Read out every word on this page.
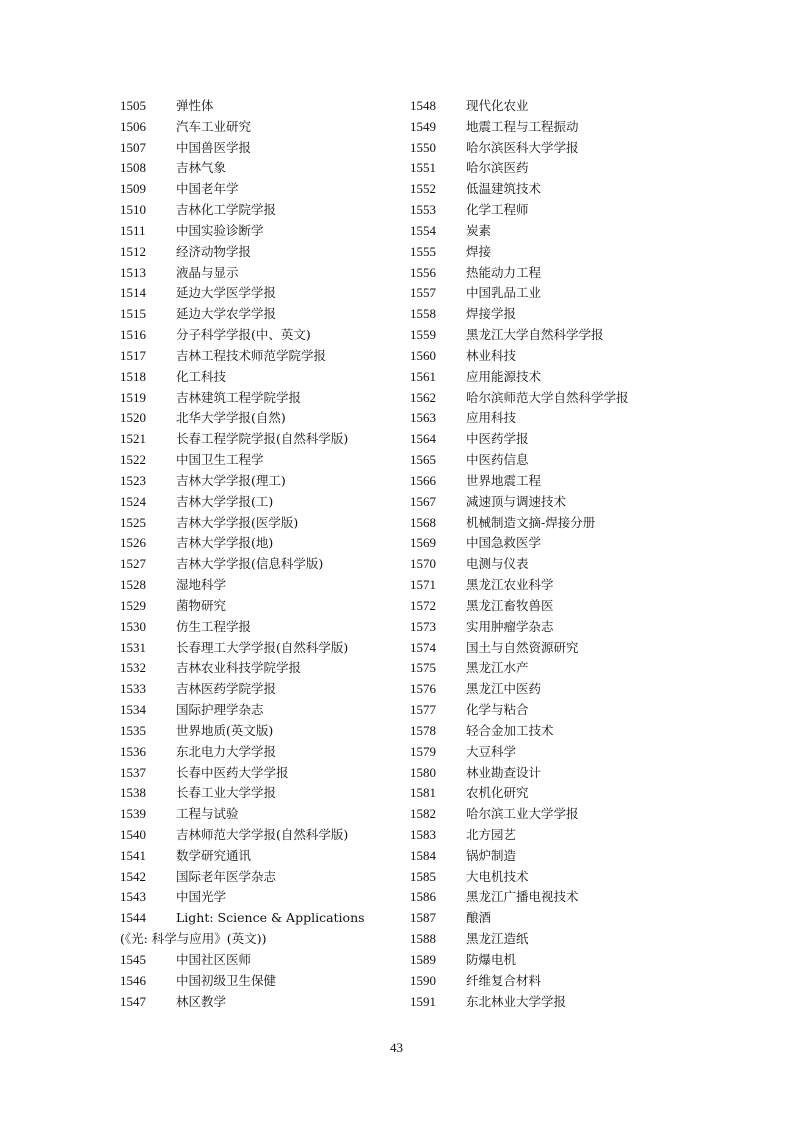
1505	弹性体
1506	汽车工业研究
1507	中国兽医学报
1508	吉林气象
1509	中国老年学
1510	吉林化工学院学报
1511	中国实验诊断学
1512	经济动物学报
1513	液晶与显示
1514	延边大学医学学报
1515	延边大学农学学报
1516	分子科学学报(中、英文)
1517	吉林工程技术师范学院学报
1518	化工科技
1519	吉林建筑工程学院学报
1520	北华大学学报(自然)
1521	长春工程学院学报(自然科学版)
1522	中国卫生工程学
1523	吉林大学学报(理工)
1524	吉林大学学报(工)
1525	吉林大学学报(医学版)
1526	吉林大学学报(地)
1527	吉林大学学报(信息科学版)
1528	湿地科学
1529	菌物研究
1530	仿生工程学报
1531	长春理工大学学报(自然科学版)
1532	吉林农业科技学院学报
1533	吉林医药学院学报
1534	国际护理学杂志
1535	世界地质(英文版)
1536	东北电力大学学报
1537	长春中医药大学学报
1538	长春工业大学学报
1539	工程与试验
1540	吉林师范大学学报(自然科学版)
1541	数学研究通讯
1542	国际老年医学杂志
1543	中国光学
1544	Light: Science & Applications
(《光: 科学与应用》(英文))
1545	中国社区医师
1546	中国初级卫生保健
1547	林区教学
1548	现代化农业
1549	地震工程与工程振动
1550	哈尔滨医科大学学报
1551	哈尔滨医药
1552	低温建筑技术
1553	化学工程师
1554	炭素
1555	焊接
1556	热能动力工程
1557	中国乳品工业
1558	焊接学报
1559	黑龙江大学自然科学学报
1560	林业科技
1561	应用能源技术
1562	哈尔滨师范大学自然科学学报
1563	应用科技
1564	中医药学报
1565	中医药信息
1566	世界地震工程
1567	减速顶与调速技术
1568	机械制造文摘-焊接分册
1569	中国急救医学
1570	电测与仪表
1571	黑龙江农业科学
1572	黑龙江畜牧兽医
1573	实用肿瘤学杂志
1574	国土与自然资源研究
1575	黑龙江水产
1576	黑龙江中医药
1577	化学与粘合
1578	轻合金加工技术
1579	大豆科学
1580	林业勘查设计
1581	农机化研究
1582	哈尔滨工业大学学报
1583	北方园艺
1584	锅炉制造
1585	大电机技术
1586	黑龙江广播电视技术
1587	酿酒
1588	黑龙江造纸
1589	防爆电机
1590	纤维复合材料
1591	东北林业大学学报
43
